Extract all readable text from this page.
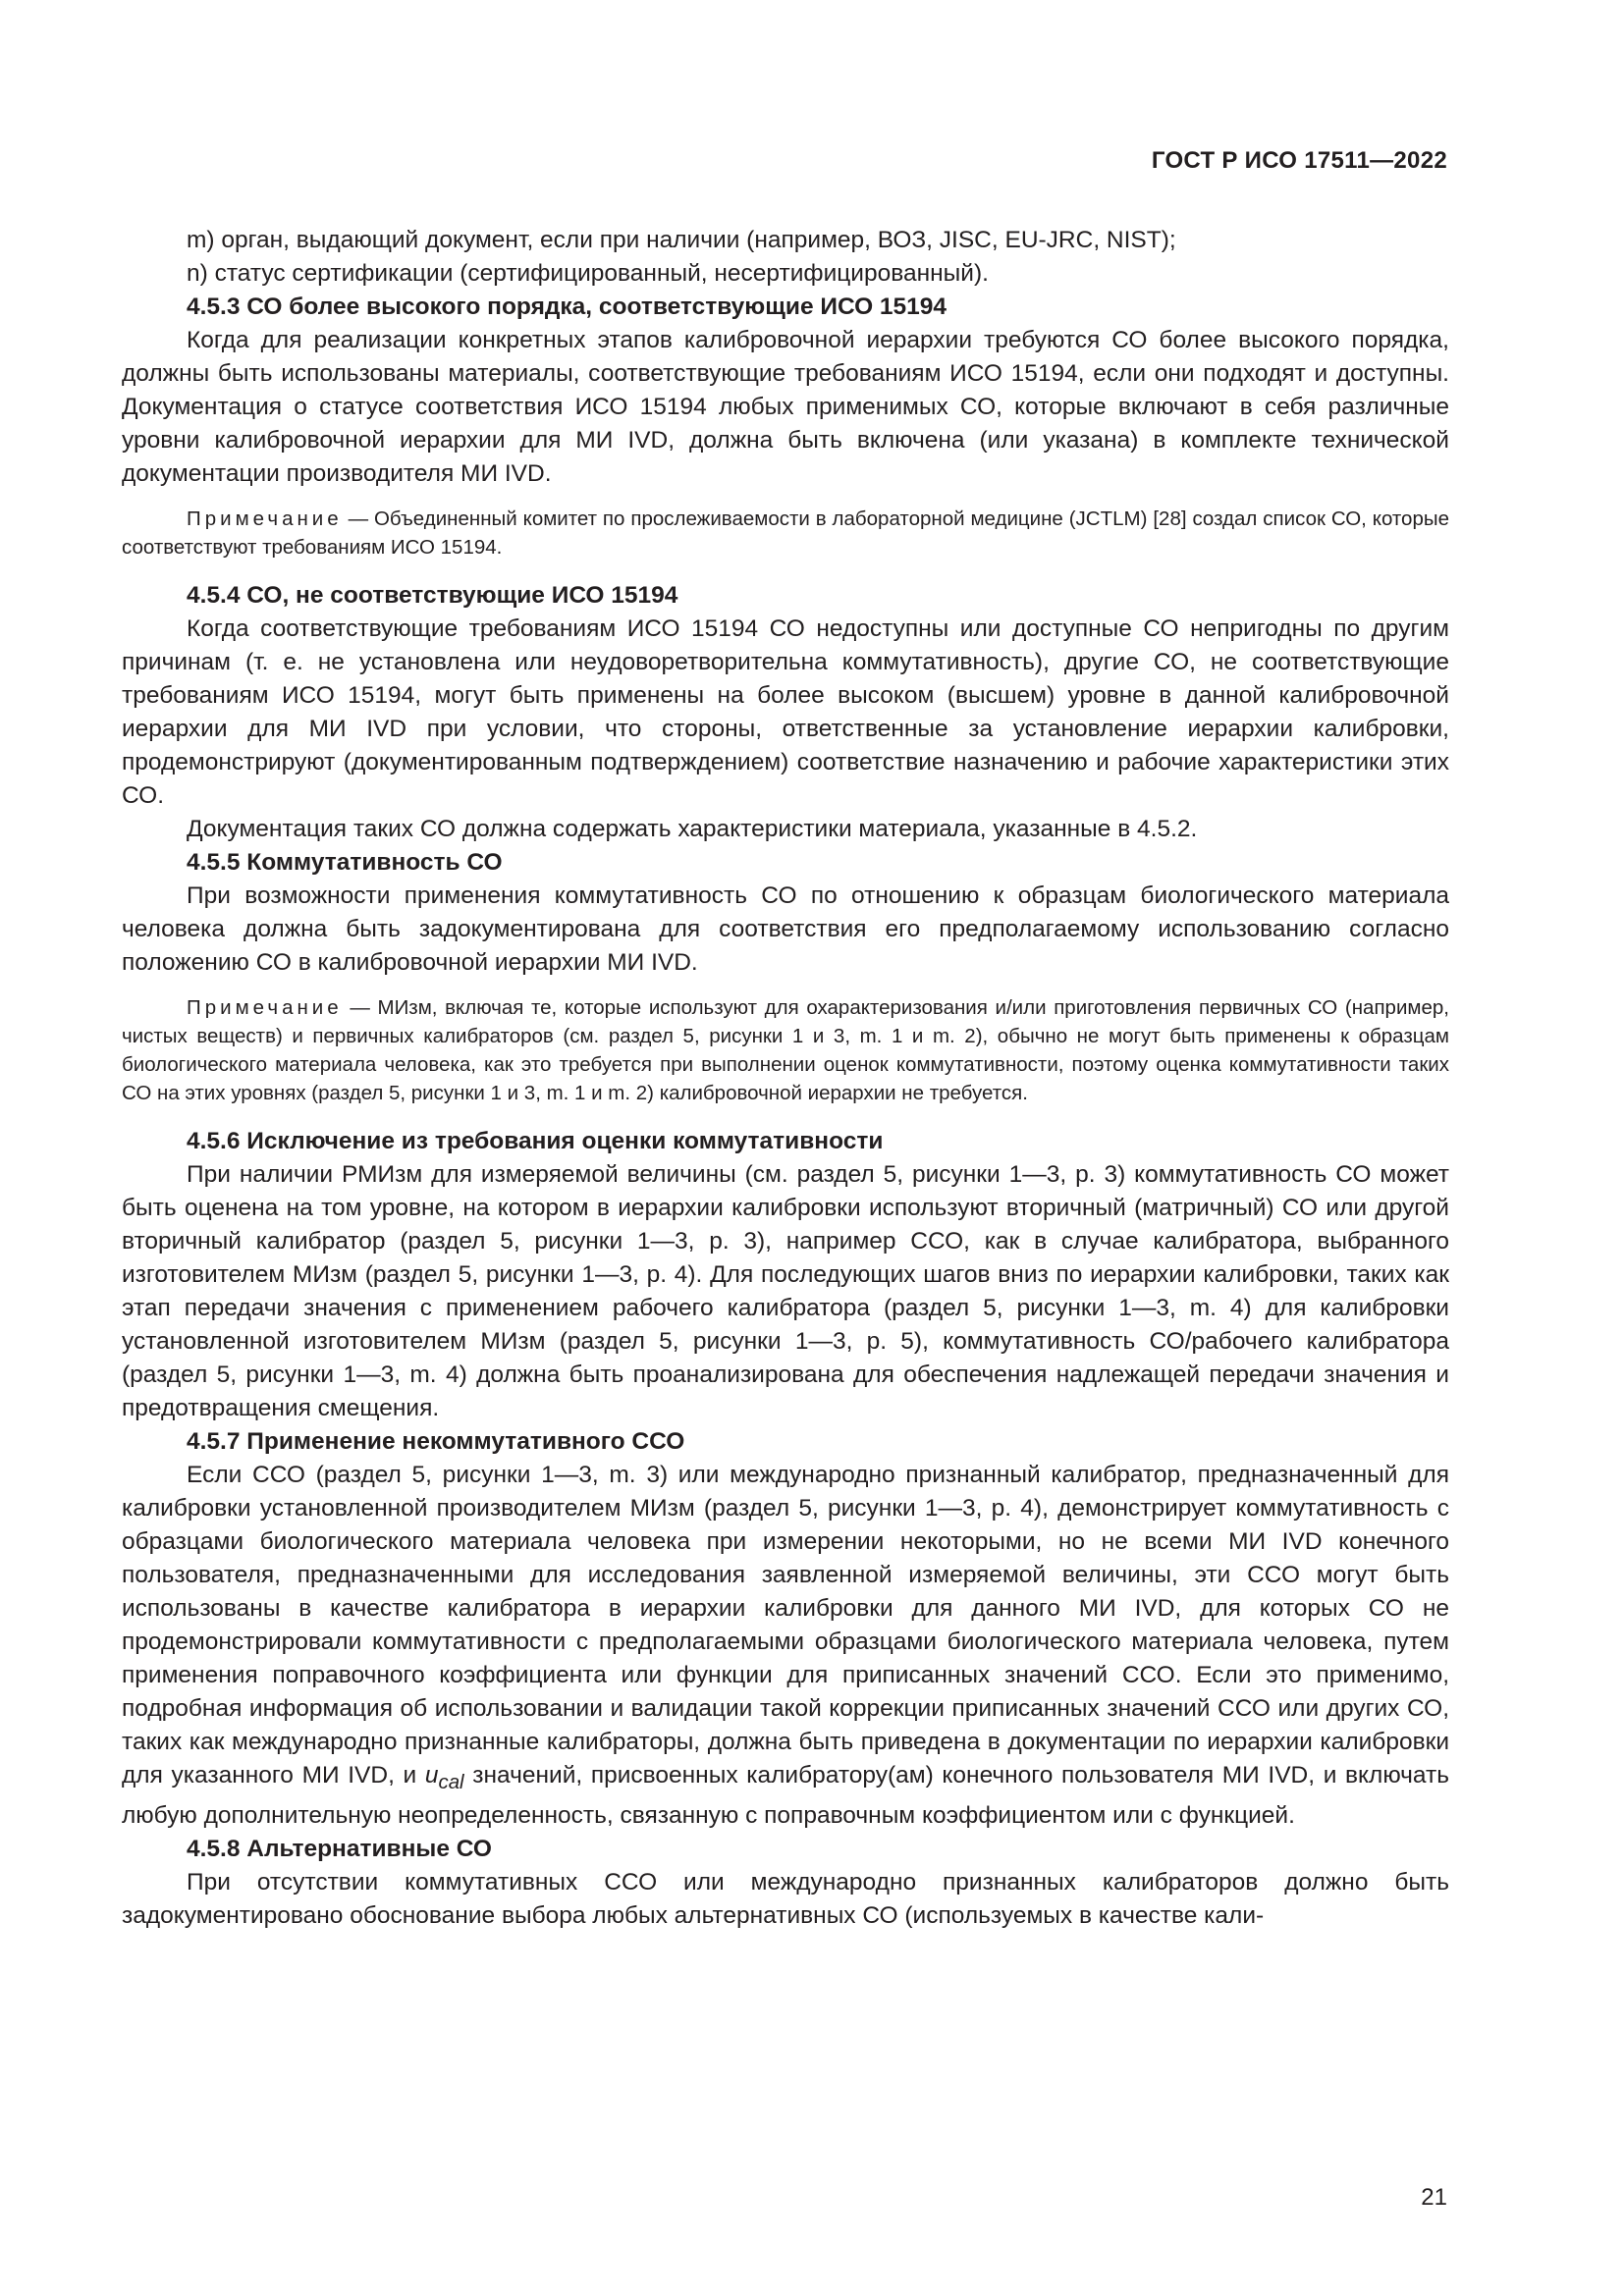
ГОСТ Р ИСО 17511—2022

m) орган, выдающий документ, если при наличии (например, ВОЗ, JISC, EU-JRC, NIST);

n) статус сертификации (сертифицированный, несертифицированный).

4.5.3 СО более высокого порядка, соответствующие ИСО 15194

Когда для реализации конкретных этапов калибровочной иерархии требуются СО более высокого порядка, должны быть использованы материалы, соответствующие требованиям ИСО 15194, если они подходят и доступны. Документация о статусе соответствия ИСО 15194 любых применимых СО, которые включают в себя различные уровни калибровочной иерархии для МИ IVD, должна быть включена (или указана) в комплекте технической документации производителя МИ IVD.

Примечание — Объединенный комитет по прослеживаемости в лабораторной медицине (JCTLM) [28] создал список СО, которые соответствуют требованиям ИСО 15194.

4.5.4 СО, не соответствующие ИСО 15194

Когда соответствующие требованиям ИСО 15194 СО недоступны или доступные СО непригодны по другим причинам (т. е. не установлена или неудоворетворительна коммутативность), другие СО, не соответствующие требованиям ИСО 15194, могут быть применены на более высоком (высшем) уровне в данной калибровочной иерархии для МИ IVD при условии, что стороны, ответственные за установление иерархии калибровки, продемонстрируют (документированным подтверждением) соответствие назначению и рабочие характеристики этих СО.

Документация таких СО должна содержать характеристики материала, указанные в 4.5.2.

4.5.5 Коммутативность СО

При возможности применения коммутативность СО по отношению к образцам биологического материала человека должна быть задокументирована для соответствия его предполагаемому использованию согласно положению СО в калибровочной иерархии МИ IVD.

Примечание — МИзм, включая те, которые используют для охарактеризования и/или приготовления первичных СО (например, чистых веществ) и первичных калибраторов (см. раздел 5, рисунки 1 и 3, m. 1 и m. 2), обычно не могут быть применены к образцам биологического материала человека, как это требуется при выполнении оценок коммутативности, поэтому оценка коммутативности таких СО на этих уровнях (раздел 5, рисунки 1 и 3, m. 1 и m. 2) калибровочной иерархии не требуется.

4.5.6 Исключение из требования оценки коммутативности

При наличии РМИзм для измеряемой величины (см. раздел 5, рисунки 1—3, p. 3) коммутативность СО может быть оценена на том уровне, на котором в иерархии калибровки используют вторичный (матричный) СО или другой вторичный калибратор (раздел 5, рисунки 1—3, p. 3), например ССО, как в случае калибратора, выбранного изготовителем МИзм (раздел 5, рисунки 1—3, p. 4). Для последующих шагов вниз по иерархии калибровки, таких как этап передачи значения с применением рабочего калибратора (раздел 5, рисунки 1—3, m. 4) для калибровки установленной изготовителем МИзм (раздел 5, рисунки 1—3, p. 5), коммутативность СО/рабочего калибратора (раздел 5, рисунки 1—3, m. 4) должна быть проанализирована для обеспечения надлежащей передачи значения и предотвращения смещения.

4.5.7 Применение некоммутативного ССО

Если ССО (раздел 5, рисунки 1—3, m. 3) или международно признанный калибратор, предназначенный для калибровки установленной производителем МИзм (раздел 5, рисунки 1—3, p. 4), демонстрирует коммутативность с образцами биологического материала человека при измерении некоторыми, но не всеми МИ IVD конечного пользователя, предназначенными для исследования заявленной измеряемой величины, эти ССО могут быть использованы в качестве калибратора в иерархии калибровки для данного МИ IVD, для которых СО не продемонстрировали коммутативности с предполагаемыми образцами биологического материала человека, путем применения поправочного коэффициента или функции для приписанных значений ССО. Если это применимо, подробная информация об использовании и валидации такой коррекции приписанных значений ССО или других СО, таких как международно признанные калибраторы, должна быть приведена в документации по иерархии калибровки для указанного МИ IVD, и $u_{cal}$ значений, присвоенных калибратору(ам) конечного пользователя МИ IVD, и включать любую дополнительную неопределенность, связанную с поправочным коэффициентом или с функцией.

4.5.8 Альтернативные СО

При отсутствии коммутативных ССО или международно признанных калибраторов должно быть задокументировано обоснование выбора любых альтернативных СО (используемых в качестве кали-

21
